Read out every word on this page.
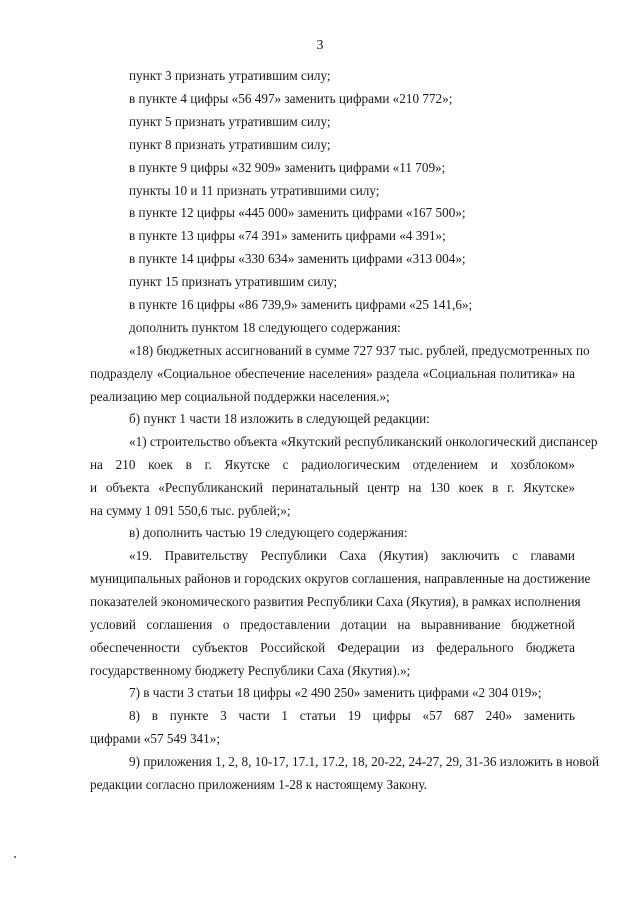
3
пункт 3 признать утратившим силу;
в пункте 4 цифры «56 497» заменить цифрами «210 772»;
пункт 5 признать утратившим силу;
пункт 8 признать утратившим силу;
в пункте 9 цифры «32 909» заменить цифрами «11 709»;
пункты 10 и 11 признать утратившими силу;
в пункте 12 цифры «445 000» заменить цифрами «167 500»;
в пункте 13 цифры «74 391» заменить цифрами «4 391»;
в пункте 14 цифры «330 634» заменить цифрами «313 004»;
пункт 15 признать утратившим силу;
в пункте 16 цифры «86 739,9» заменить цифрами «25 141,6»;
дополнить пунктом 18 следующего содержания:
«18) бюджетных ассигнований в сумме 727 937 тыс. рублей, предусмотренных по
подразделу «Социальное обеспечение населения» раздела «Социальная политика» на
реализацию мер социальной поддержки населения.»;
б) пункт 1 части 18 изложить в следующей редакции:
«1) строительство объекта «Якутский республиканский онкологический диспансер
на 210 коек в г. Якутске с радиологическим отделением и хозблоком»
и объекта «Республиканский перинатальный центр на 130 коек в г. Якутске»
на сумму 1 091 550,6 тыс. рублей;»;
в) дополнить частью 19 следующего содержания:
«19. Правительству Республики Саха (Якутия) заключить с главами
муниципальных районов и городских округов соглашения, направленные на достижение
показателей экономического развития Республики Саха (Якутия), в рамках исполнения
условий соглашения о предоставлении дотации на выравнивание бюджетной
обеспеченности субъектов Российской Федерации из федерального бюджета
государственному бюджету Республики Саха (Якутия).»;
7) в части 3 статьи 18 цифры «2 490 250» заменить цифрами «2 304 019»;
8) в пункте 3 части 1 статьи 19 цифры «57 687 240» заменить
цифрами «57 549 341»;
9) приложения 1, 2, 8, 10-17, 17.1, 17.2, 18, 20-22, 24-27, 29, 31-36 изложить в новой
редакции согласно приложениям 1-28 к настоящему Закону.
